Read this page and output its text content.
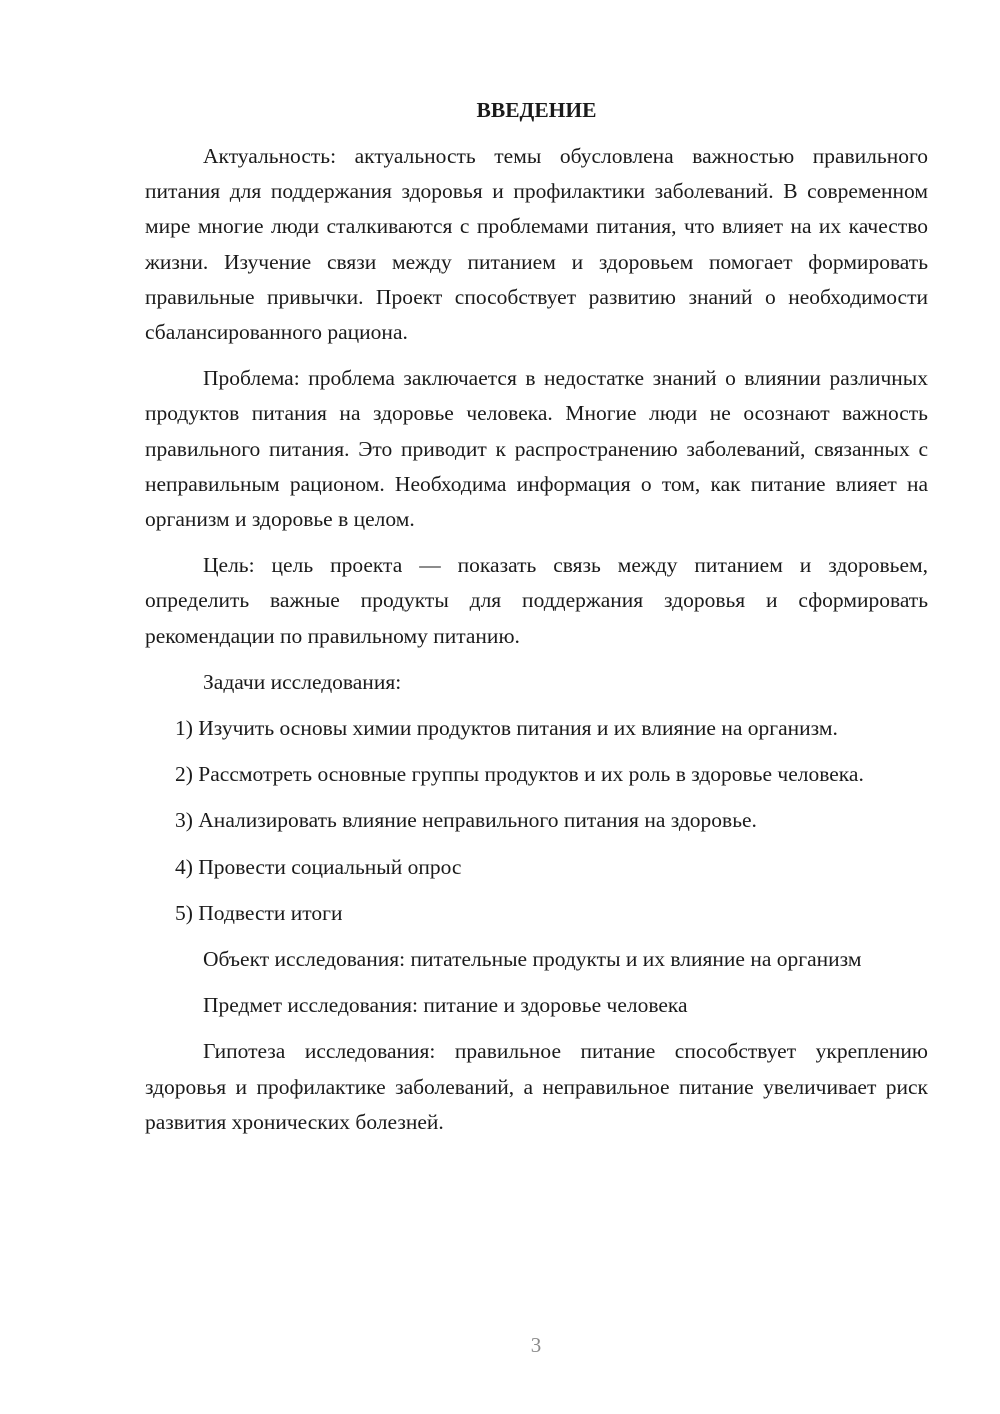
ВВЕДЕНИЕ

Актуальность: актуальность темы обусловлена важностью правильного питания для поддержания здоровья и профилактики заболеваний. В современном мире многие люди сталкиваются с проблемами питания, что влияет на их качество жизни. Изучение связи между питанием и здоровьем помогает формировать правильные привычки. Проект способствует развитию знаний о необходимости сбалансированного рациона.

Проблема: проблема заключается в недостатке знаний о влиянии различных продуктов питания на здоровье человека. Многие люди не осознают важность правильного питания. Это приводит к распространению заболеваний, связанных с неправильным рационом. Необходима информация о том, как питание влияет на организм и здоровье в целом.

Цель: цель проекта — показать связь между питанием и здоровьем, определить важные продукты для поддержания здоровья и сформировать рекомендации по правильному питанию.

Задачи исследования:

1) Изучить основы химии продуктов питания и их влияние на организм.

2) Рассмотреть основные группы продуктов и их роль в здоровье человека.

3) Анализировать влияние неправильного питания на здоровье.

4) Провести социальный опрос

5) Подвести итоги

Объект исследования: питательные продукты и их влияние на организм

Предмет исследования: питание и здоровье человека

Гипотеза исследования: правильное питание способствует укреплению здоровья и профилактике заболеваний, а неправильное питание увеличивает риск развития хронических болезней.

3
